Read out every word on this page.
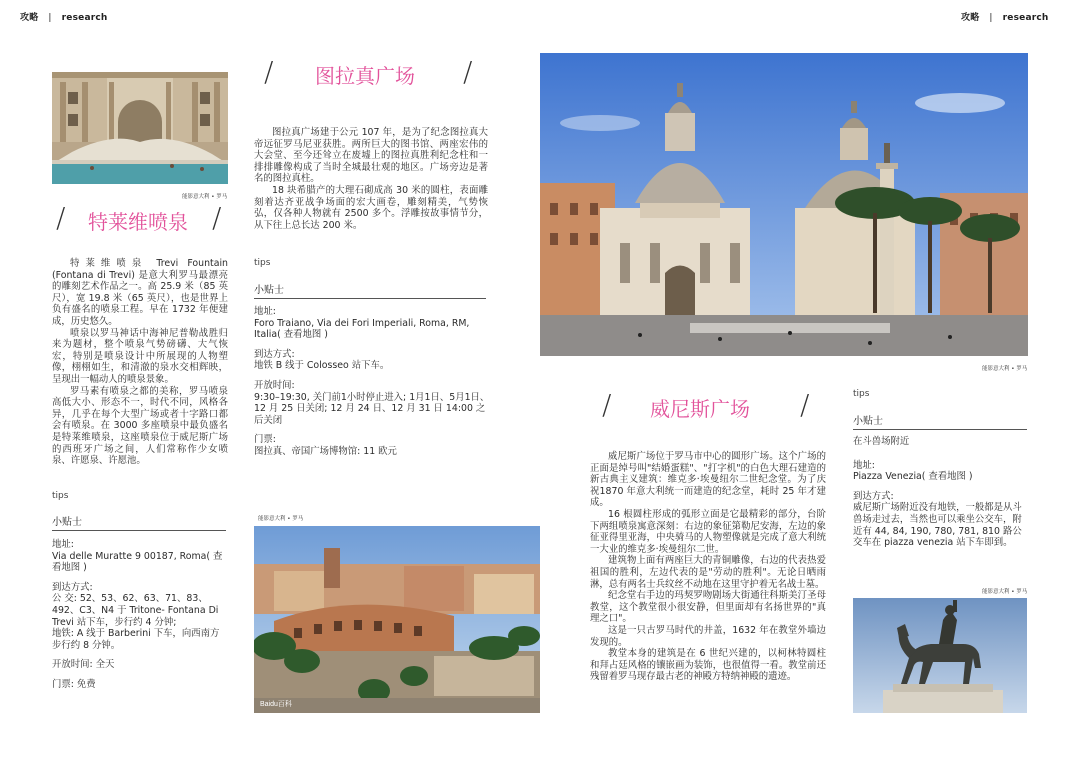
攻略 | research	攻略 | research
能影意大利 • 罗马
/ 特莱维喷泉 /

特莱维喷泉 Trevi Fountain (Fontana di Trevi) 是意大利罗马最漂亮的雕刻艺术作品之一。高 25.9 米（85 英尺），宽 19.8 米（65 英尺），也是世界上负有盛名的喷泉工程。早在 1732 年便建成，历史悠久。

喷泉以罗马神话中海神尼普勒战胜归来为题材，整个喷泉气势磅礴、大气恢宏，特别是喷泉设计中所展现的人物塑像，栩栩如生，和清澈的泉水交相辉映，呈现出一幅动人的喷泉景象。

罗马素有喷泉之都的美称，罗马喷泉高低大小、形态不一，时代不同，风格各异，几乎在每个大型广场或者十字路口都会有喷泉。在 3000 多座喷泉中最负盛名是特莱维喷泉，这座喷泉位于威尼斯广场的西班牙广场之间，人们常称作少女喷泉、许愿泉、许愿池。

tips
小贴士
地址:
Via delle Muratte 9 00187, Roma( 查看地图 )
到达方式:
公 交: 52、53、62、63、71、83、492、C3、N4 于 Tritone- Fontana Di Trevi 站下车，步行约 4 分钟;
地铁: A 线于 Barberini 下车，向西南方步行约 8 分钟。
开放时间: 全天
门票: 免费
/ 图拉真广场 /

图拉真广场建于公元 107 年，是为了纪念图拉真大帝远征罗马尼亚获胜。两所巨大的图书馆、两座宏伟的大会堂、至今还耸立在废墟上的图拉真胜利纪念柱和一排排雕像构成了当时全城最壮观的地区。广场旁边是著名的图拉真柱。

18 块希腊产的大理石砌成高 30 米的圆柱，表面雕刻着达齐亚战争场面的宏大画卷，雕刻精美，气势恢弘，仅各种人物就有 2500 多个。浮雕按故事情节分，从下往上总长达 200 米。

tips
小贴士
地址:
Foro Traiano, Via dei Fori Imperiali, Roma, RM, Italia( 查看地图 )
到达方式:
地铁 B 线于 Colosseo 站下车。
开放时间:
9:30–19:30, 关门前1小时停止进入; 1月1日、5月1日、12 月 25 日关闭; 12 月 24 日、12 月 31 日 14:00 之后关闭
门票:
图拉真、帝国广场博物馆: 11 欧元
能影意大利 • 罗马
Baidu百科
能影意大利 • 罗马
/ 威尼斯广场 /

威尼斯广场位于罗马市中心的圆形广场。这个广场的正面是绰号叫"结婚蛋糕"、"打字机"的白色大理石建造的新古典主义建筑：维克多·埃曼纽尔二世纪念堂。为了庆祝1870 年意大利统一而建造的纪念堂，耗时 25 年才建成。

16 根圆柱形成的弧形立面是它最精彩的部分，台阶下两组喷泉寓意深刻：右边的象征第勒尼安海，左边的象征亚得里亚海，中央骑马的人物塑像就是完成了意大利统一大业的维克多·埃曼纽尔二世。

建筑物上面有两座巨大的青铜雕像，右边的代表热爱祖国的胜利，左边代表的是"劳动的胜利"。无论日晒雨淋，总有两名士兵纹丝不动地在这里守护着无名战士墓。

纪念堂右手边的玛契罗吻剧场大街通往科斯美汀圣母教堂，这个教堂很小很安静，但里面却有名扬世界的"真理之口"。

这是一只古罗马时代的井盖，1632 年在教堂外墙边发现的。

教堂本身的建筑是在 6 世纪兴建的，以柯林特圆柱和拜占廷风格的镶嵌画为装饰，也很值得一看。教堂前还残留着罗马现存最古老的神殿方特纳神殿的遗迹。

tips
小贴士
在斗兽场附近
地址:
Piazza Venezia( 查看地图 )
到达方式:
威尼斯广场附近没有地铁，一般都是从斗兽场走过去，当然也可以乘坐公交车，附近有 44, 84, 190, 780, 781, 810 路公交车在 piazza venezia 站下车即到。
能影意大利 • 罗马
